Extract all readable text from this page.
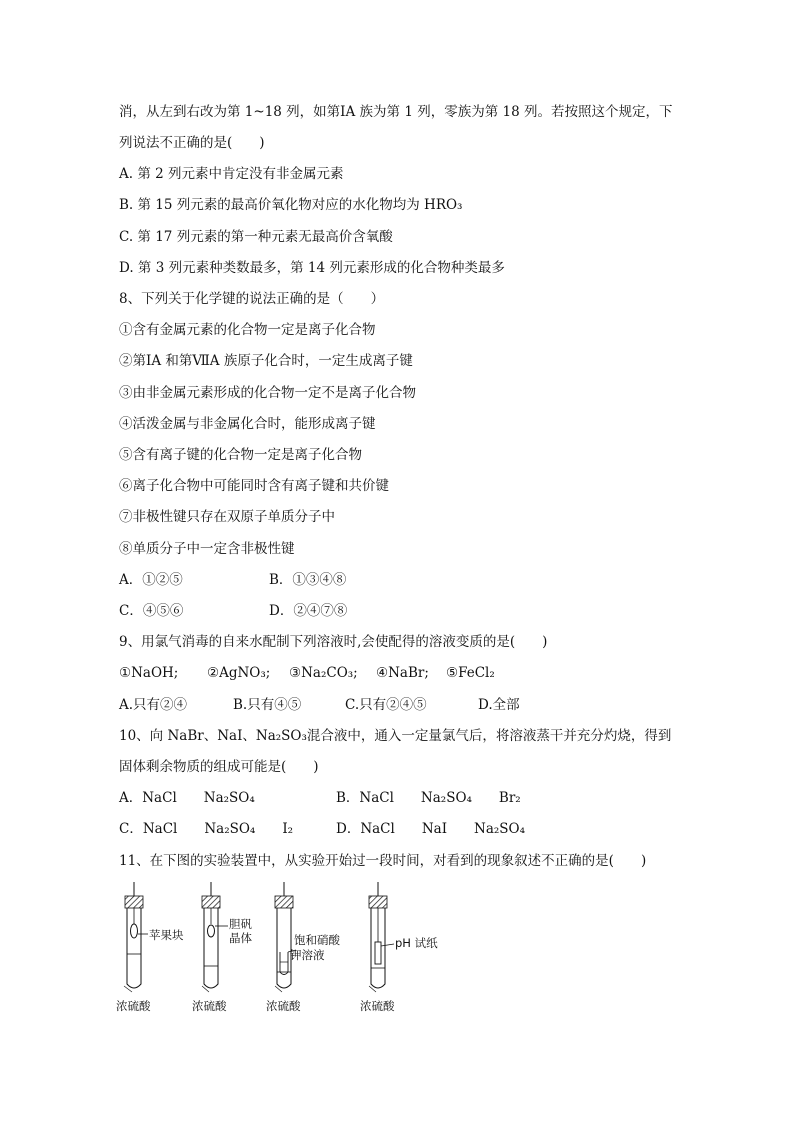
消，从左到右改为第 1~18 列，如第ⅠA 族为第 1 列，零族为第 18 列。若按照这个规定，下
列说法不正确的是(　　)
A. 第 2 列元素中肯定没有非金属元素
B. 第 15 列元素的最高价氧化物对应的水化物均为 HRO₃
C. 第 17 列元素的第一种元素无最高价含氧酸
D. 第 3 列元素种类数最多，第 14 列元素形成的化合物种类最多
8、下列关于化学键的说法正确的是（　　）
①含有金属元素的化合物一定是离子化合物
②第ⅠA 和第ⅦA 族原子化合时，一定生成离子键
③由非金属元素形成的化合物一定不是离子化合物
④活泼金属与非金属化合时，能形成离子键
⑤含有离子键的化合物一定是离子化合物
⑥离子化合物中可能同时含有离子键和共价键
⑦非极性键只存在双原子单质分子中
⑧单质分子中一定含非极性键
A．①②⑤	B．①③④⑧
C．④⑤⑥	D．②④⑦⑧
9、用氯气消毒的自来水配制下列溶液时,会使配得的溶液变质的是(　　)
①NaOH; ②AgNO₃; ③Na₂CO₃; ④NaBr; ⑤FeCl₂
A.只有②④	B.只有④⑤	C.只有②④⑤	D.全部
10、向 NaBr、NaI、Na₂SO₃混合液中，通入一定量氯气后，将溶液蒸干并充分灼烧，得到
固体剩余物质的组成可能是(　　)
A．NaCl　　Na₂SO₄	B．NaCl　　Na₂SO₄　　Br₂
C．NaCl　　Na₂SO₄　　I₂	D．NaCl　　NaI　　Na₂SO₄
11、在下图的实验装置中，从实验开始过一段时间，对看到的现象叙述不正确的是(　　)
苹果块
浓硫酸
胆矾
晶体
浓硫酸
饱和硝酸
钾溶液
浓硫酸
pH 试纸
浓硫酸
